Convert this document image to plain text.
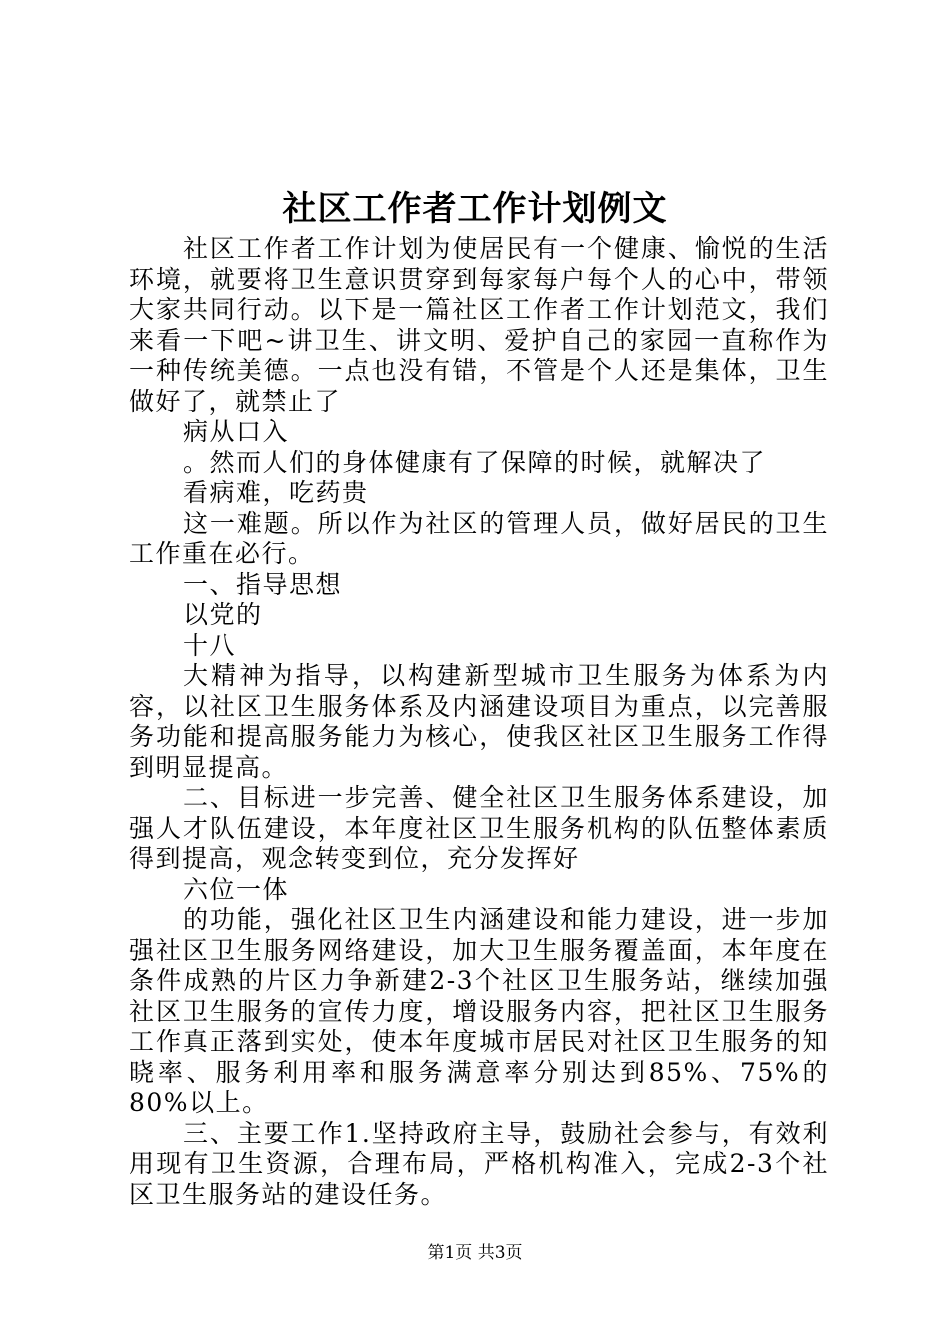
社区工作者工作计划例文

社区工作者工作计划为使居民有一个健康、愉悦的生活环境，就要将卫生意识贯穿到每家每户每个人的心中，带领大家共同行动。以下是一篇社区工作者工作计划范文，我们来看一下吧~讲卫生、讲文明、爱护自己的家园一直称作为一种传统美德。一点也没有错，不管是个人还是集体，卫生做好了，就禁止了

病从口入

。然而人们的身体健康有了保障的时候，就解决了

看病难，吃药贵

这一难题。所以作为社区的管理人员，做好居民的卫生工作重在必行。

一、指导思想

以党的

十八

大精神为指导，以构建新型城市卫生服务为体系为内容，以社区卫生服务体系及内涵建设项目为重点，以完善服务功能和提高服务能力为核心，使我区社区卫生服务工作得到明显提高。

二、目标进一步完善、健全社区卫生服务体系建设，加强人才队伍建设，本年度社区卫生服务机构的队伍整体素质得到提高，观念转变到位，充分发挥好

六位一体

的功能，强化社区卫生内涵建设和能力建设，进一步加强社区卫生服务网络建设，加大卫生服务覆盖面，本年度在条件成熟的片区力争新建2-3个社区卫生服务站，继续加强社区卫生服务的宣传力度，增设服务内容，把社区卫生服务工作真正落到实处，使本年度城市居民对社区卫生服务的知晓率、服务利用率和服务满意率分别达到85%、75%的80%以上。

三、主要工作1.坚持政府主导，鼓励社会参与，有效利用现有卫生资源，合理布局，严格机构准入，完成2-3个社区卫生服务站的建设任务。

第1页 共3页
